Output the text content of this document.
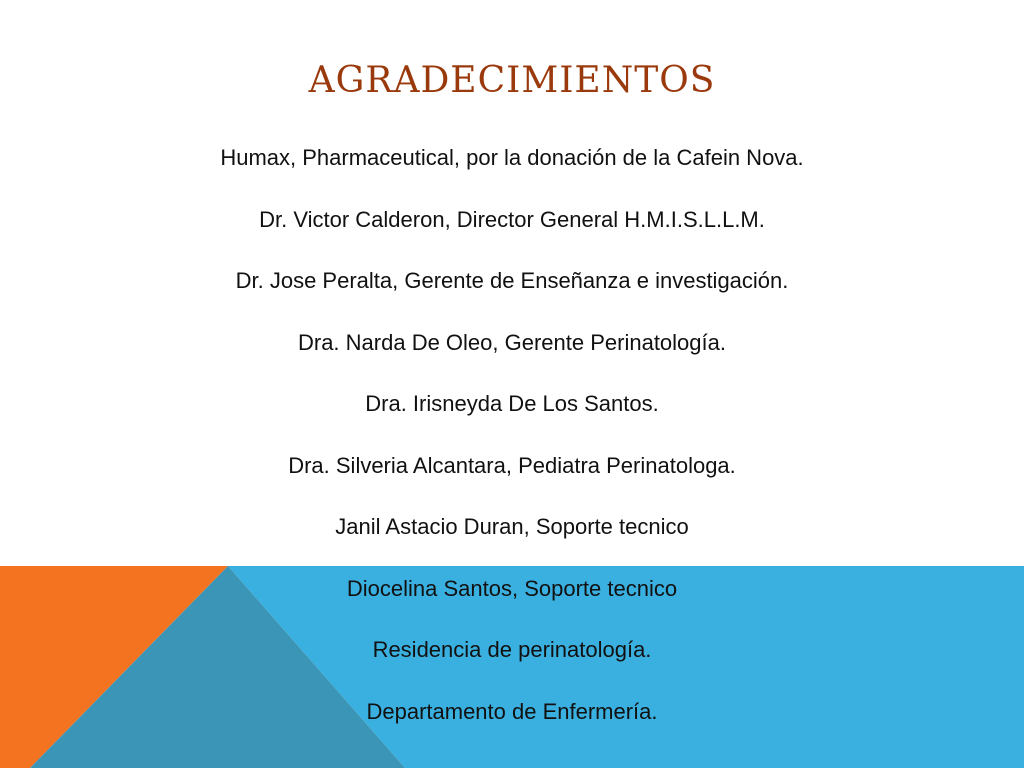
AGRADECIMIENTOS
Humax, Pharmaceutical, por la donación de la Cafein Nova.
Dr. Victor Calderon, Director General H.M.I.S.L.L.M.
Dr. Jose Peralta, Gerente de Enseñanza e investigación.
Dra. Narda De Oleo, Gerente Perinatología.
Dra. Irisneyda De Los Santos.
Dra. Silveria Alcantara, Pediatra Perinatologa.
Janil Astacio Duran, Soporte tecnico
Diocelina Santos, Soporte tecnico
Residencia de perinatología.
Departamento de Enfermería.
